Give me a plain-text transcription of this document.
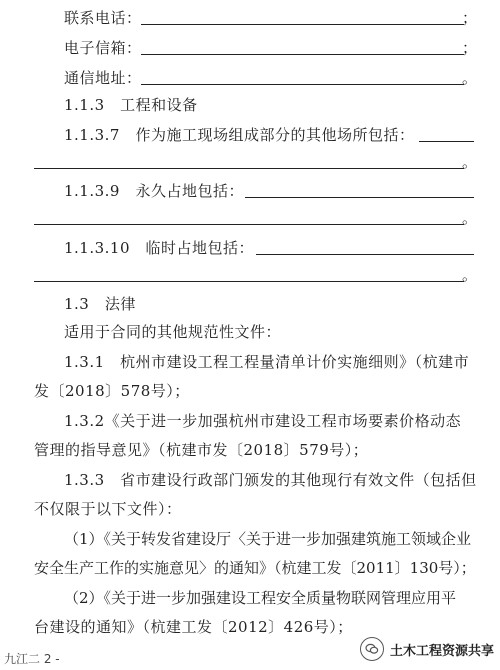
联系电话：	；
电子信箱：	；
通信地址：	。
1.1.3　工程和设备
1.1.3.7　作为施工现场组成部分的其他场所包括：
。
1.1.3.9　永久占地包括：
。
1.1.3.10　临时占地包括：
。
1.3　法律
适用于合同的其他规范性文件：
1.3.1　杭州市建设工程工程量清单计价实施细则》（杭建市
发〔2018〕578号）；
1.3.2《关于进一步加强杭州市建设工程市场要素价格动态
管理的指导意见》（杭建市发〔2018〕579号）；
1.3.3　省市建设行政部门颁发的其他现行有效文件（包括但
不仅限于以下文件）：
（1）《关于转发省建设厅〈关于进一步加强建筑施工领域企业
安全生产工作的实施意见〉的通知》（杭建工发〔2011〕130号）；
（2）《关于进一步加强建设工程安全质量物联网管理应用平
台建设的通知》（杭建工发〔2012〕426号）；
九江二 2 -
土木工程资源共享
